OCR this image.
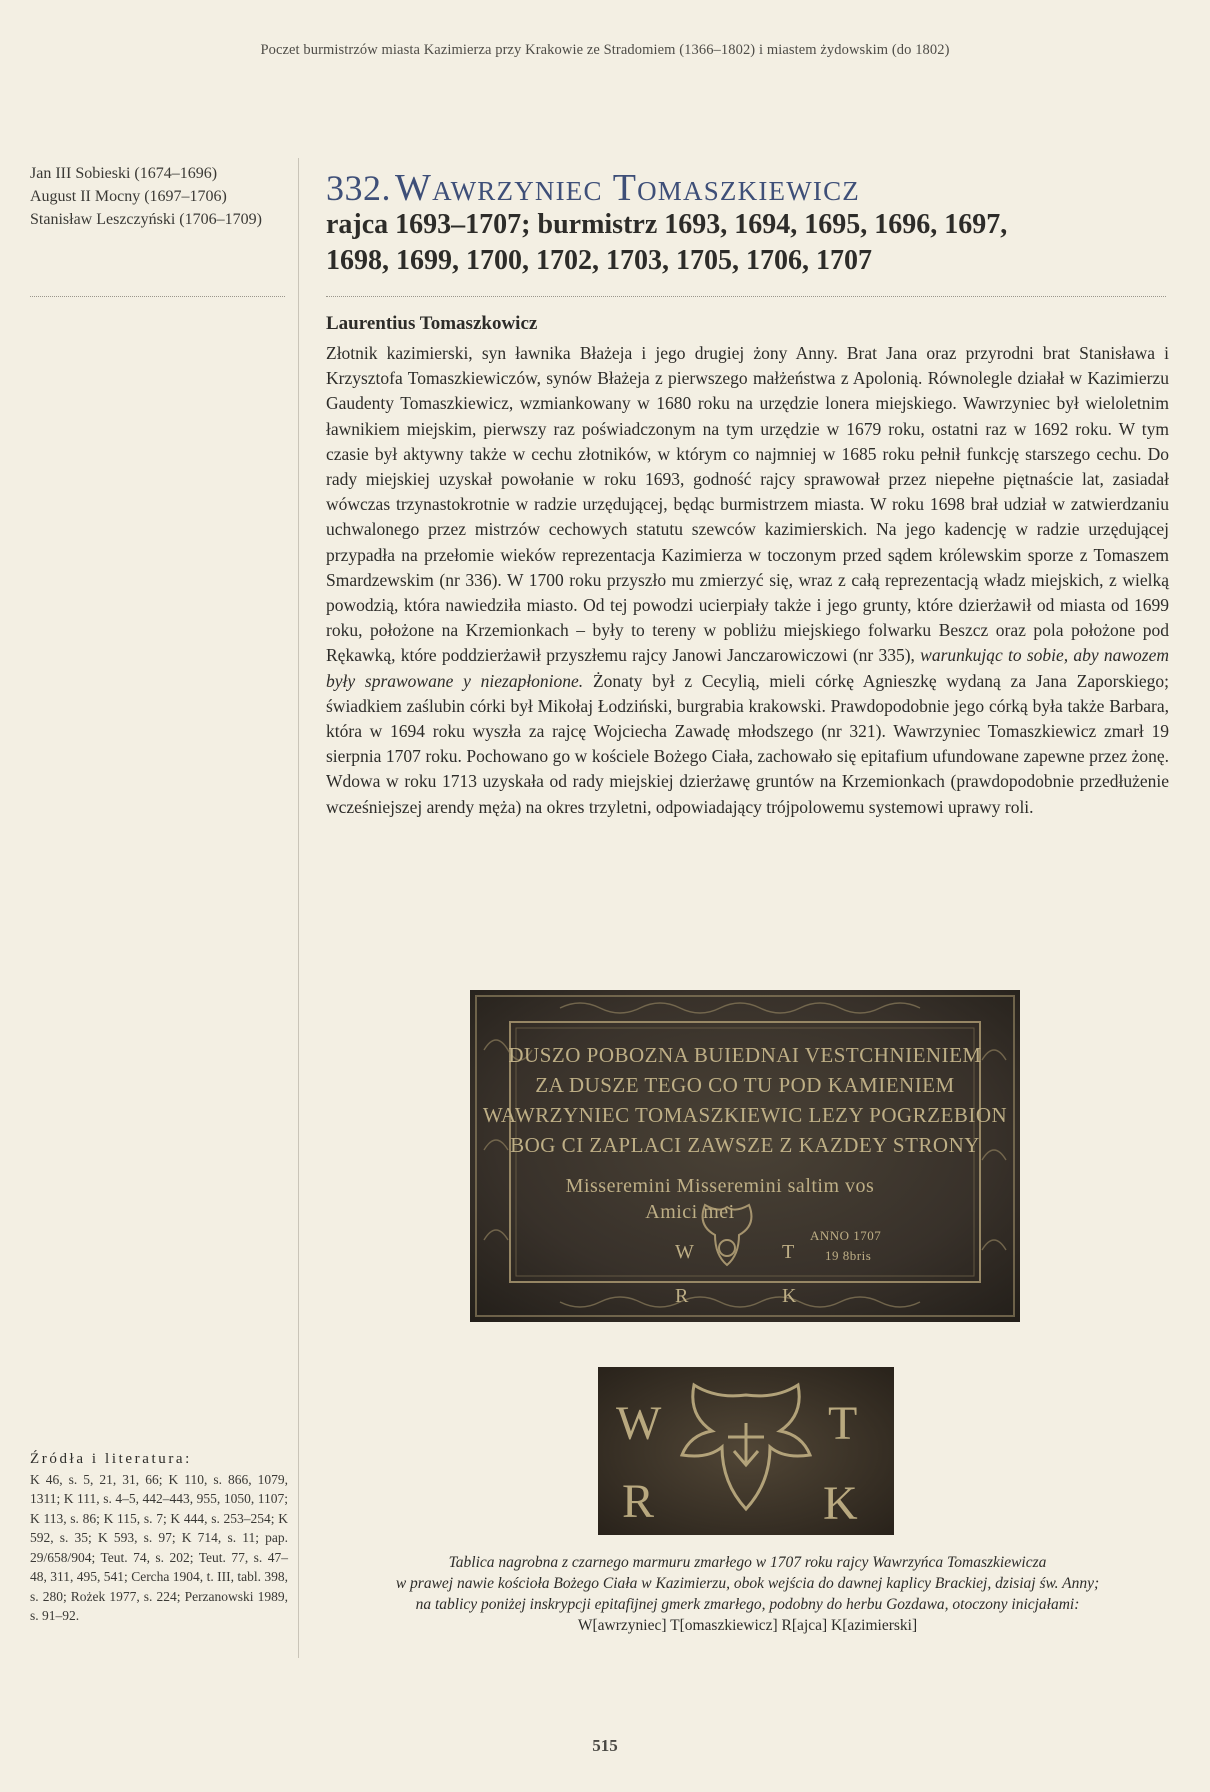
Poczet burmistrzów miasta Kazimierza przy Krakowie ze Stradomiem (1366–1802) i miastem żydowskim (do 1802)
Jan III Sobieski (1674–1696)
August II Mocny (1697–1706)
Stanisław Leszczyński (1706–1709)
332. Wawrzyniec Tomaszkiewicz
rajca 1693–1707; burmistrz 1693, 1694, 1695, 1696, 1697,
1698, 1699, 1700, 1702, 1703, 1705, 1706, 1707
Laurentius Tomaszkowicz
Złotnik kazimierski, syn ławnika Błażeja i jego drugiej żony Anny. Brat Jana oraz przyrodni brat Stanisława i Krzysztofa Tomaszkiewiczów, synów Błażeja z pierwszego małżeństwa z Apolonią. Równolegle działał w Kazimierzu Gaudenty Tomaszkiewicz, wzmiankowany w 1680 roku na urzędzie lonera miejskiego. Wawrzyniec był wieloletnim ławnikiem miejskim, pierwszy raz poświadczonym na tym urzędzie w 1679 roku, ostatni raz w 1692 roku. W tym czasie był aktywny także w cechu złotników, w którym co najmniej w 1685 roku pełnił funkcję starszego cechu. Do rady miejskiej uzyskał powołanie w roku 1693, godność rajcy sprawował przez niepełne piętnaście lat, zasiadał wówczas trzynastokrotnie w radzie urzędującej, będąc burmistrzem miasta. W roku 1698 brał udział w zatwierdzaniu uchwalonego przez mistrzów cechowych statutu szewców kazimierskich. Na jego kadencję w radzie urzędującej przypadła na przełomie wieków reprezentacja Kazimierza w toczonym przed sądem królewskim sporze z Tomaszem Smardzewskim (nr 336). W 1700 roku przyszło mu zmierzyć się, wraz z całą reprezentacją władz miejskich, z wielką powodzią, która nawiedziła miasto. Od tej powodzi ucierpiały także i jego grunty, które dzierżawił od miasta od 1699 roku, położone na Krzemionkach – były to tereny w pobliżu miejskiego folwarku Beszcz oraz pola położone pod Rękawką, które poddzierżawił przyszłemu rajcy Janowi Janczarowiczowi (nr 335), warunkując to sobie, aby nawozem były sprawowane y niezapłonione. Żonaty był z Cecylią, mieli córkę Agnieszkę wydaną za Jana Zaporskiego; świadkiem zaślubin córki był Mikołaj Łodziński, burgrabia krakowski. Prawdopodobnie jego córką była także Barbara, która w 1694 roku wyszła za rajcę Wojciecha Zawadę młodszego (nr 321). Wawrzyniec Tomaszkiewicz zmarł 19 sierpnia 1707 roku. Pochowano go w kościele Bożego Ciała, zachowało się epitafium ufundowane zapewne przez żonę. Wdowa w roku 1713 uzyskała od rady miejskiej dzierżawę gruntów na Krzemionkach (prawdopodobnie przedłużenie wcześniejszej arendy męża) na okres trzyletni, odpowiadający trójpolowemu systemowi uprawy roli.
DUSZO POBOZNA BUIEDNAI VESTCHNIENIEM
ZA DUSZE TEGO CO TU POD KAMIENIEM
WAWRZYNIEC TOMASZKIEWIC LEZY POGRZEBION
BOG CI ZAPLACI ZAWSZE Z KAZDEY STRONY
Misseremini Misseremini saltim vos
Amici mei
ANNO 1707
19 8bris
W	T
R	K
W	T
R	K
Tablica nagrobna z czarnego marmuru zmarłego w 1707 roku rajcy Wawrzyńca Tomaszkiewicza
w prawej nawie kościoła Bożego Ciała w Kazimierzu, obok wejścia do dawnej kaplicy Brackiej, dzisiaj św. Anny;
na tablicy poniżej inskrypcji epitafijnej gmerk zmarłego, podobny do herbu Gozdawa, otoczony inicjałami:
W[awrzyniec] T[omaszkiewicz] R[ajca] K[azimierski]
Źródła i literatura:
K 46, s. 5, 21, 31, 66; K 110, s. 866, 1079, 1311; K 111, s. 4–5, 442–443, 955, 1050, 1107; K 113, s. 86; K 115, s. 7; K 444, s. 253–254; K 592, s. 35; K 593, s. 97; K 714, s. 11; pap. 29/658/904; Teut. 74, s. 202; Teut. 77, s. 47–48, 311, 495, 541; Cercha 1904, t. III, tabl. 398, s. 280; Rożek 1977, s. 224; Perzanowski 1989, s. 91–92.
515
